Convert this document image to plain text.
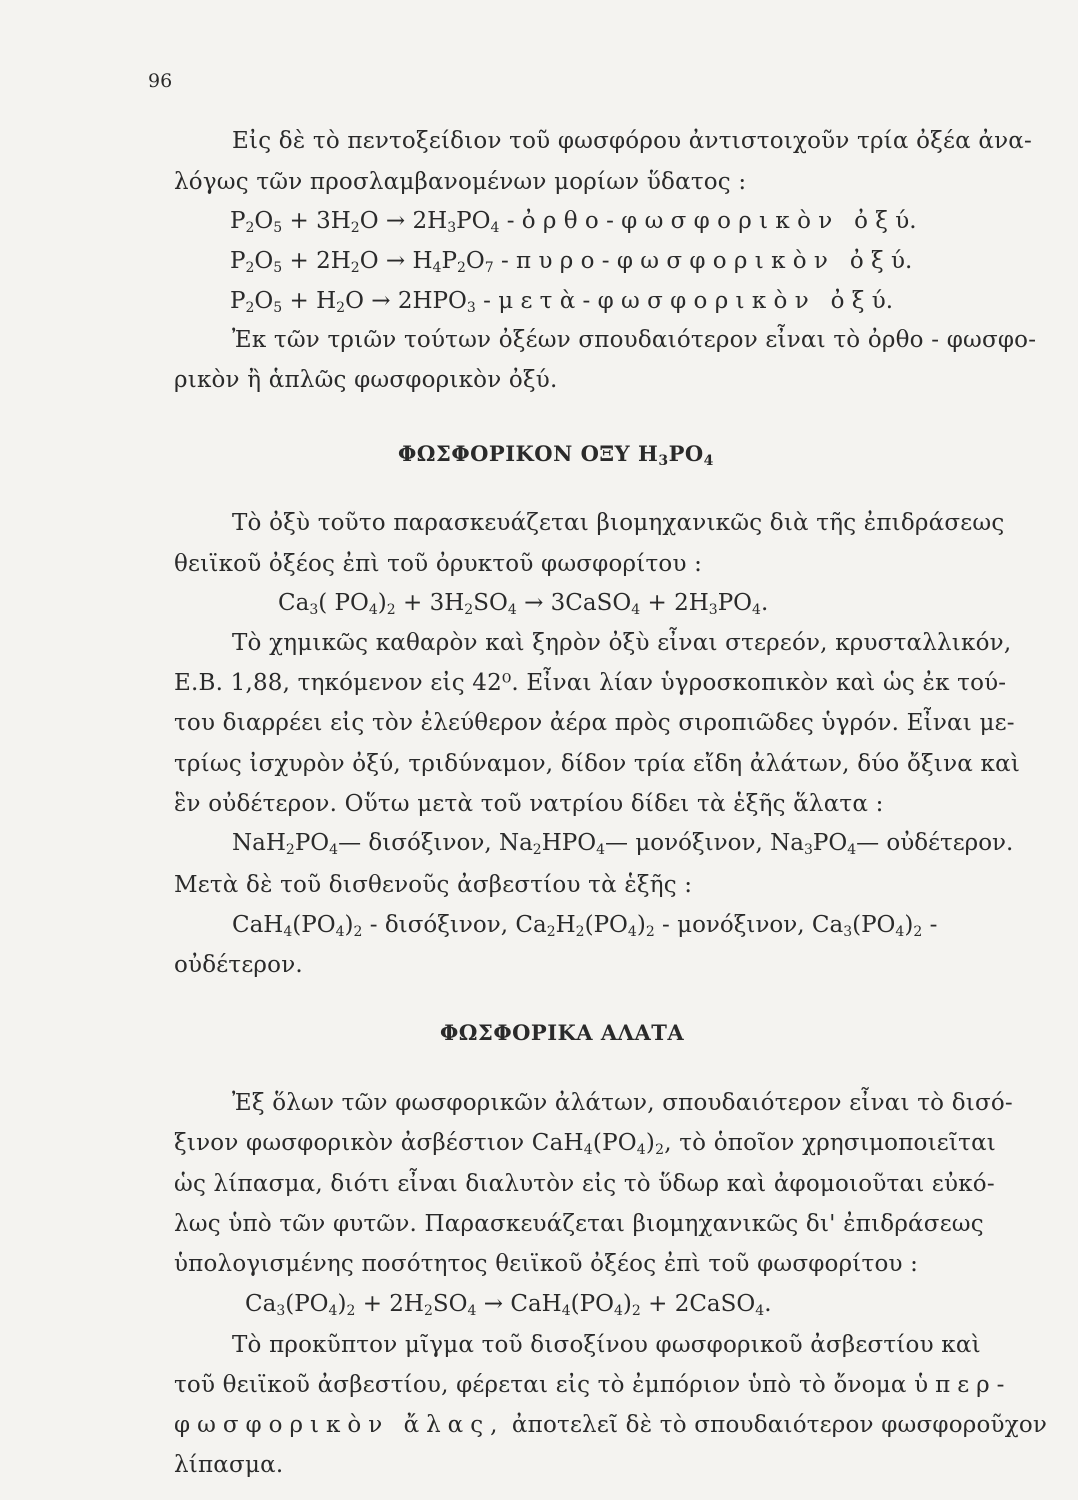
96
Εἰς δὲ τὸ πεντοξείδιον τοῦ φωσφόρου ἀντιστοιχοῦν τρία ὀξέα ἀνα-
λόγως τῶν προσλαμβανομένων μορίων ὕδατος :
$P_2O_5 + 3H_2O \to 2H_3PO_4$ - ὀ ρ θ ο - φ ω σ φ ο ρ ι κ ὸ ν   ὀ ξ ύ.
$P_2O_5 + 2H_2O \to H_4P_2O_7 - \pi$ υ ρ ο - φ ω σ φ ο ρ ι κ ὸ ν   ὀ ξ ύ.
$P_2O_5 + H_2O \to 2HPO_3 - \mu$ ε τ ὰ - φ ω σ φ ο ρ ι κ ὸ ν   ὀ ξ ύ.
Ἐκ τῶν τριῶν τούτων ὀξέων σπουδαιότερον εἶναι τὸ ὀρθο - φωσφο-
ρικὸν ἢ ἁπλῶς φωσφορικὸν ὀξύ.
ΦΩΣΦΟΡΙΚΟΝ ΟΞΥ $H_3PO_4$
Τὸ ὀξὺ τοῦτο παρασκευάζεται βιομηχανικῶς διὰ τῆς ἐπιδράσεως
θειϊκοῦ ὀξέος ἐπὶ τοῦ ὀρυκτοῦ φωσφορίτου :
$Ca_3$( $PO_4)_2 + 3H_2SO_4$ → 3CaSO$_4$ + $2H_3PO_4$.
Τὸ χημικῶς καθαρὸν καὶ ξηρὸν ὀξὺ εἶναι στερεόν, κρυσταλλικόν,
E.B. 1,88, τηκόμενον εἰς 42⁰. Εἶναι λίαν ὑγροσκοπικὸν καὶ ὡς ἐκ τού-
του διαρρέει εἰς τὸν ἐλεύθερον ἀέρα πρὸς σιροπιῶδες ὑγρόν. Εἶναι με-
τρίως ἰσχυρὸν ὀξύ, τριδύναμον, δίδον τρία εἴδη ἀλάτων, δύο ὄξινα καὶ
ἓν οὐδέτερον. Οὕτω μετὰ τοῦ νατρίου δίδει τὰ ἑξῆς ἅλατα :
$NaH_2PO_4—$ δισόξινον, $Na_2HPO_4—$ μονόξινον, $Na_3PO_4—$ οὐδέτερον.
Μετὰ δὲ τοῦ δισθενοῦς ἀσβεστίου τὰ ἑξῆς :
$CaH_4(PO_4)_2$ - δισόξινον, $Ca_2H_2(PO_4)_2$ - μονόξινον, $Ca_3(PO_4)_2$ -
οὐδέτερον.
ΦΩΣΦΟΡΙΚΑ ΑΛΑΤΑ
Ἐξ ὅλων τῶν φωσφορικῶν ἀλάτων, σπουδαιότερον εἶναι τὸ δισό-
ξινον φωσφορικὸν ἀσβέστιον $CaH_4(PO_4)_2$, τὸ ὁποῖον χρησιμοποιεῖται
ὡς λίπασμα, διότι εἶναι διαλυτὸν εἰς τὸ ὕδωρ καὶ ἀφομοιοῦται εὐκό-
λως ὑπὸ τῶν φυτῶν. Παρασκευάζεται βιομηχανικῶς δι' ἐπιδράσεως
ὑπολογισμένης ποσότητος θειϊκοῦ ὀξέος ἐπὶ τοῦ φωσφορίτου :
$Ca_3(PO_4)_2 + 2H_2SO_4 \to CaH_4(PO_4)_2$ + 2CaSO$_4$.
Τὸ προκῦπτον μῖγμα τοῦ δισοξίνου φωσφορικοῦ ἀσβεστίου καὶ
τοῦ θειϊκοῦ ἀσβεστίου, φέρεται εἰς τὸ ἐμπόριον ὑπὸ τὸ ὄνομα ὑπερ-
φωσφορικὸν ἄλας, ἀποτελεῖ δὲ τὸ σπουδαιότερον φωσφοροῦχον
λίπασμα.
